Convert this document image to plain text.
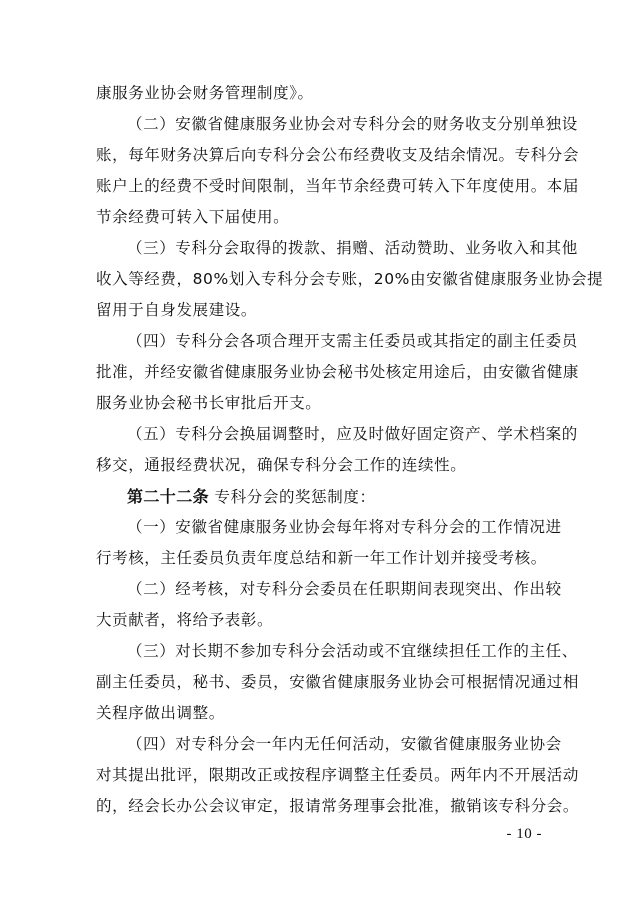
康服务业协会财务管理制度》。
（二）安徽省健康服务业协会对专科分会的财务收支分别单独设
账，每年财务决算后向专科分会公布经费收支及结余情况。专科分会
账户上的经费不受时间限制，当年节余经费可转入下年度使用。本届
节余经费可转入下届使用。
（三）专科分会取得的拨款、捐赠、活动赞助、业务收入和其他
收入等经费，80%划入专科分会专账，20%由安徽省健康服务业协会提
留用于自身发展建设。
（四）专科分会各项合理开支需主任委员或其指定的副主任委员
批准，并经安徽省健康服务业协会秘书处核定用途后，由安徽省健康
服务业协会秘书长审批后开支。
（五）专科分会换届调整时，应及时做好固定资产、学术档案的
移交，通报经费状况，确保专科分会工作的连续性。
第二十二条 专科分会的奖惩制度：
（一）安徽省健康服务业协会每年将对专科分会的工作情况进
行考核，主任委员负责年度总结和新一年工作计划并接受考核。
（二）经考核，对专科分会委员在任职期间表现突出、作出较
大贡献者，将给予表彰。
（三）对长期不参加专科分会活动或不宜继续担任工作的主任、
副主任委员，秘书、委员，安徽省健康服务业协会可根据情况通过相
关程序做出调整。
（四）对专科分会一年内无任何活动，安徽省健康服务业协会
对其提出批评，限期改正或按程序调整主任委员。两年内不开展活动
的，经会长办公会议审定，报请常务理事会批准，撤销该专科分会。
- 10 -
